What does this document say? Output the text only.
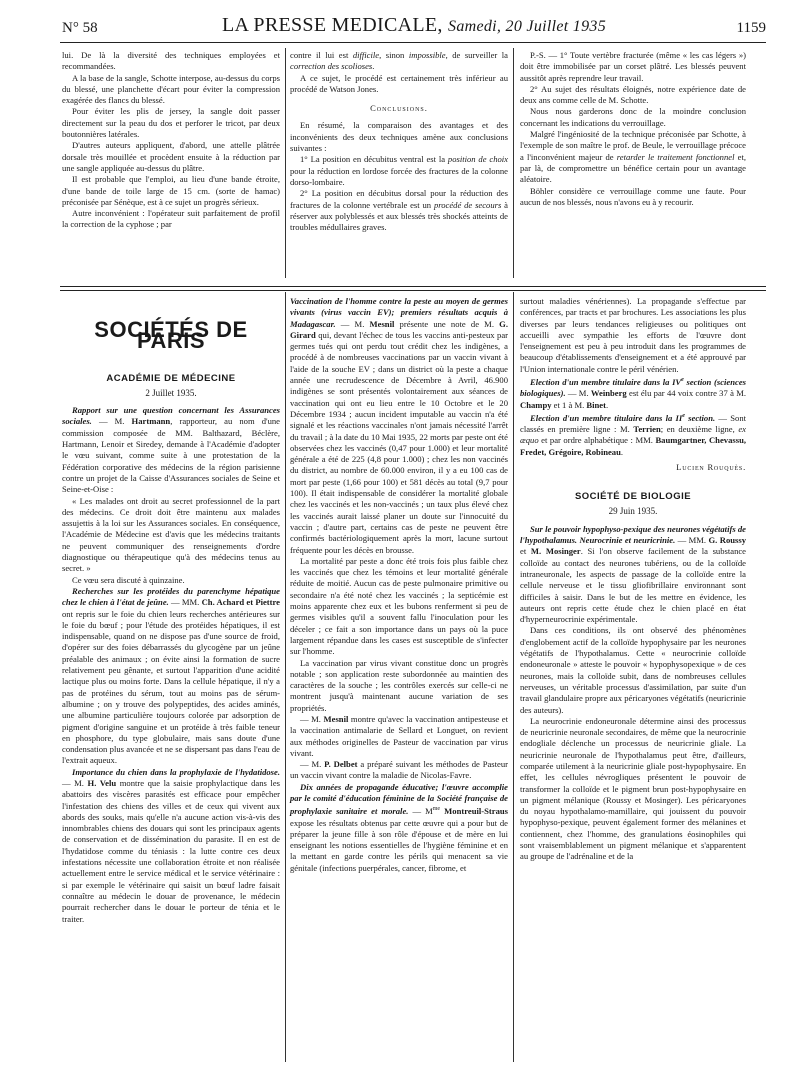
N° 58	LA PRESSE MEDICALE, Samedi, 20 Juillet 1935	1159

lui. De là la diversité des techniques employées et recommandées.

A la base de la sangle, Schotte interpose, au-dessus du corps du blessé, une planchette d'écart pour éviter la compression exagérée des flancs du blessé.

Pour éviter les plis de jersey, la sangle doit passer directement sur la peau du dos et perforer le tricot, par deux boutonnières latérales.

D'autres auteurs appliquent, d'abord, une attelle plâtrée dorsale très mouillée et procèdent ensuite à la réduction par une sangle appliquée au-dessus du plâtre.

Il est probable que l'emploi, au lieu d'une bande étroite, d'une bande de toile large de 15 cm. (sorte de hamac) préconisée par Sénèque, est à ce sujet un progrès sérieux.

Autre inconvénient : l'opérateur suit parfaitement de profil la correction de la cyphose ; par

contre il lui est difficile, sinon impossible, de surveiller la correction des scolioses.

A ce sujet, le procédé est certainement très inférieur au procédé de Watson Jones.

Conclusions.

En résumé, la comparaison des avantages et des inconvénients des deux techniques amène aux conclusions suivantes :

1° La position en décubitus ventral est la position de choix pour la réduction en lordose forcée des fractures de la colonne dorso-lombaire.

2° La position en décubitus dorsal pour la réduction des fractures de la colonne vertébrale est un procédé de secours à réserver aux polyblessés et aux blessés très shockés atteints de troubles médullaires graves.

P.-S. — 1° Toute vertèbre fracturée (même « les cas légers ») doit être immobilisée par un corset plâtré. Les blessés peuvent aussitôt après reprendre leur travail.

2° Au sujet des résultats éloignés, notre expérience date de deux ans comme celle de M. Schotte.

Nous nous garderons donc de la moindre conclusion concernant les indications du verrouillage.

Malgré l'ingéniosité de la technique préconisée par Schotte, à l'exemple de son maître le prof. de Beule, le verrouillage précoce a l'inconvénient majeur de retarder le traitement fonctionnel et, par là, de compromettre un bénéfice certain pour un avantage aléatoire.

Böhler considère ce verrouillage comme une faute. Pour aucun de nos blessés, nous n'avons eu à y recourir.

SOCIÉTÉS DE PARIS
ACADÉMIE DE MÉDECINE
2 Juillet 1935.

Rapport sur une question concernant les Assurances sociales. — M. Hartmann, rapporteur, au nom d'une commission composée de MM. Balthazard, Béclère, Hartmann, Lenoir et Siredey, demande à l'Académie d'adopter le vœu suivant, comme suite à une protestation de la Fédération corporative des médecins de la région parisienne contre un projet de la Caisse d'Assurances sociales de Seine et Seine-et-Oise :

« Les malades ont droit au secret professionnel de la part des médecins. Ce droit doit être maintenu aux malades assujettis à la loi sur les Assurances sociales. En conséquence, l'Académie de Médecine est d'avis que les médecins traitants ne peuvent communiquer des renseignements d'ordre diagnostique ou thérapeutique qu'à des médecins tenus au secret. »

Ce vœu sera discuté à quinzaine.

Recherches sur les protéides du parenchyme hépatique chez le chien à l'état de jeûne. — MM. Ch. Achard et Piettre ont repris sur le foie du chien leurs recherches antérieures sur le foie du bœuf ; pour l'étude des protéides hépatiques, il est indispensable, quand on ne dispose pas d'une source de froid, d'opérer sur des foies débarrassés du glycogène par un jeûne préalable des animaux ; on évite ainsi la formation de sucre relativement peu gênante, et surtout l'apparition d'une acidité lactique plus ou moins forte. Dans la cellule hépatique, il n'y a pas de protéines du sérum, tout au moins pas de sérum-albumine ; on y trouve des polypeptides, des acides aminés, une albumine particulière toujours colorée par adsorption de pigment d'origine sanguine et un protéide à très faible teneur en phosphore, du type globulaire, mais sans doute d'une condensation plus avancée et ne se dispersant pas dans l'eau de l'extrait aqueux.

Importance du chien dans la prophylaxie de l'hydatidose. — M. H. Velu montre que la saisie prophylactique dans les abattoirs des viscères parasités est efficace pour empêcher l'infestation des chiens des villes et de ceux qui vivent aux abords des souks, mais qu'elle n'a aucune action vis-à-vis des innombrables chiens des douars qui sont les principaux agents de conservation et de dissémination du parasite. Il en est de l'hydatidose comme du téniasis : la lutte contre ces deux infestations nécessite une collaboration étroite et non réalisée actuellement entre le service médical et le service vétérinaire : si par exemple le vétérinaire qui saisit un bœuf ladre faisait connaître au médecin le douar de provenance, le médecin pourrait rechercher dans le douar le porteur de ténia et le traiter.

Vaccination de l'homme contre la peste au moyen de germes vivants (virus vaccin EV); premiers résultats acquis à Madagascar. — M. Mesnil présente une note de M. G. Girard qui, devant l'échec de tous les vaccins anti-pesteux par germes tués qui ont perdu tout crédit chez les indigènes, a procédé à de nombreuses vaccinations par un vaccin vivant à l'aide de la souche EV ; dans un district où la peste a chaque année une recrudescence de Décembre à Avril, 46.900 indigènes se sont présentés volontairement aux séances de vaccination qui ont eu lieu entre le 10 Octobre et le 20 Décembre 1934 ; aucun incident imputable au vaccin n'a été signalé et les réactions vaccinales n'ont jamais nécessité l'arrêt du travail ; à la date du 10 Mai 1935, 22 morts par peste ont été observées chez les vaccinés (0,47 pour 1.000) et leur mortalité générale a été de 225 (4,8 pour 1.000) ; chez les non vaccinés du district, au nombre de 60.000 environ, il y a eu 100 cas de mort par peste (1,66 pour 100) et 581 décès au total (9,7 pour 100). Il était indispensable de considérer la mortalité globale chez les vaccinés et les non-vaccinés ; un taux plus élevé chez les vaccinés aurait laissé planer un doute sur l'innocuité du vaccin ; d'autre part, certains cas de peste ne peuvent être confirmés bactériologiquement après la mort, lacune surtout fréquente pour les décès en brousse.

La mortalité par peste a donc été trois fois plus faible chez les vaccinés que chez les témoins et leur mortalité générale réduite de moitié. Aucun cas de peste pulmonaire primitive ou secondaire n'a été noté chez les vaccinés ; la septicémie est moins apparente chez eux et les bubons renferment si peu de germes visibles qu'il a souvent fallu l'inoculation pour les déceler ; ce fait a son importance dans un pays où la puce largement répandue dans les cases est susceptible de s'infecter sur l'homme.

La vaccination par virus vivant constitue donc un progrès notable ; son application reste subordonnée au maintien des caractères de la souche ; les contrôles exercés sur celle-ci ne montrent jusqu'à maintenant aucune variation de ses propriétés.

— M. Mesnil montre qu'avec la vaccination antipesteuse et la vaccination antimalarie de Sellard et Longuet, on revient aux méthodes originelles de Pasteur de vaccination par virus vivant.

— M. P. Delbet a préparé suivant les méthodes de Pasteur un vaccin vivant contre la maladie de Nicolas-Favre.

Dix années de propagande éducative; l'œuvre accomplie par le comité d'éducation féminine de la Société française de prophylaxie sanitaire et morale. — $M^{me}$ Montreuil-Straus expose les résultats obtenus par cette œuvre qui a pour but de préparer la jeune fille à son rôle d'épouse et de mère en lui enseignant les notions essentielles de l'hygiène féminine et en la mettant en garde contre les périls qui menacent sa vie génitale (infections puerpérales, cancer, fibrome, et

surtout maladies vénériennes). La propagande s'effectue par conférences, par tracts et par brochures. Les associations les plus diverses par leurs tendances religieuses ou politiques ont accueilli avec sympathie les efforts de l'œuvre dont l'enseignement est peu à peu introduit dans les programmes de beaucoup d'établissements d'enseignement et a été approuvé par l'Union internationale contre le péril vénérien.

Election d'un membre titulaire dans la IVe section (sciences biologiques). — M. Weinberg est élu par 44 voix contre 37 à M. Champy et 1 à M. Binet.

Election d'un membre titulaire dans la IIe section. — Sont classés en première ligne : M. Terrien; en deuxième ligne, ex æquo et par ordre alphabétique : MM. Baumgartner, Chevassu, Fredet, Grégoire, Robineau.

Lucien Rouquès.
SOCIÉTÉ DE BIOLOGIE
29 Juin 1935.

Sur le pouvoir hypophyso-pexique des neurones végétatifs de l'hypothalamus. Neurocrinie et neuricrinie. — MM. G. Roussy et M. Mosinger. Si l'on observe facilement de la substance colloïde au contact des neurones tubériens, ou de la colloïde intraneuronale, les aspects de passage de la colloïde entre la cellule nerveuse et le tissu gliofibrillaire environnant sont difficiles à saisir. Dans le but de les mettre en évidence, les auteurs ont repris cette étude chez le chien placé en état d'hyperneurocrinie expérimentale.

Dans ces conditions, ils ont observé des phénomènes d'englobement actif de la colloïde hypophysaire par les neurones végétatifs de l'hypothalamus. Cette « neurocrinie colloïde endoneuronale » atteste le pouvoir « hypophysopexique » de ces neurones, mais la colloïde subit, dans de nombreuses cellules nerveuses, un véritable processus d'assimilation, par suite d'un travail glandulaire propre aux péricaryones végétatifs (neuricrinie des auteurs).

La neurocrinie endoneuronale détermine ainsi des processus de neuricrinie neuronale secondaires, de même que la neurocrinie endogliale déclenche un processus de neuricrinie gliale. La neuricrinie neuronale de l'hypothalamus peut être, d'ailleurs, comparée utilement à la neuricrinie gliale post-hypophysaire. En effet, les cellules névrogliques présentent le pouvoir de transformer la colloïde et le pigment brun post-hypophysaire en un pigment mélanique (Roussy et Mosinger). Les péricaryones du noyau hypothalamo-mamillaire, qui jouissent du pouvoir hypophyso-pexique, peuvent également former des mélanines et contiennent, chez l'homme, des granulations éosinophiles qui sont vraisemblablement un pigment mélanique et s'apparentent au groupe de l'adrénaline et de la
